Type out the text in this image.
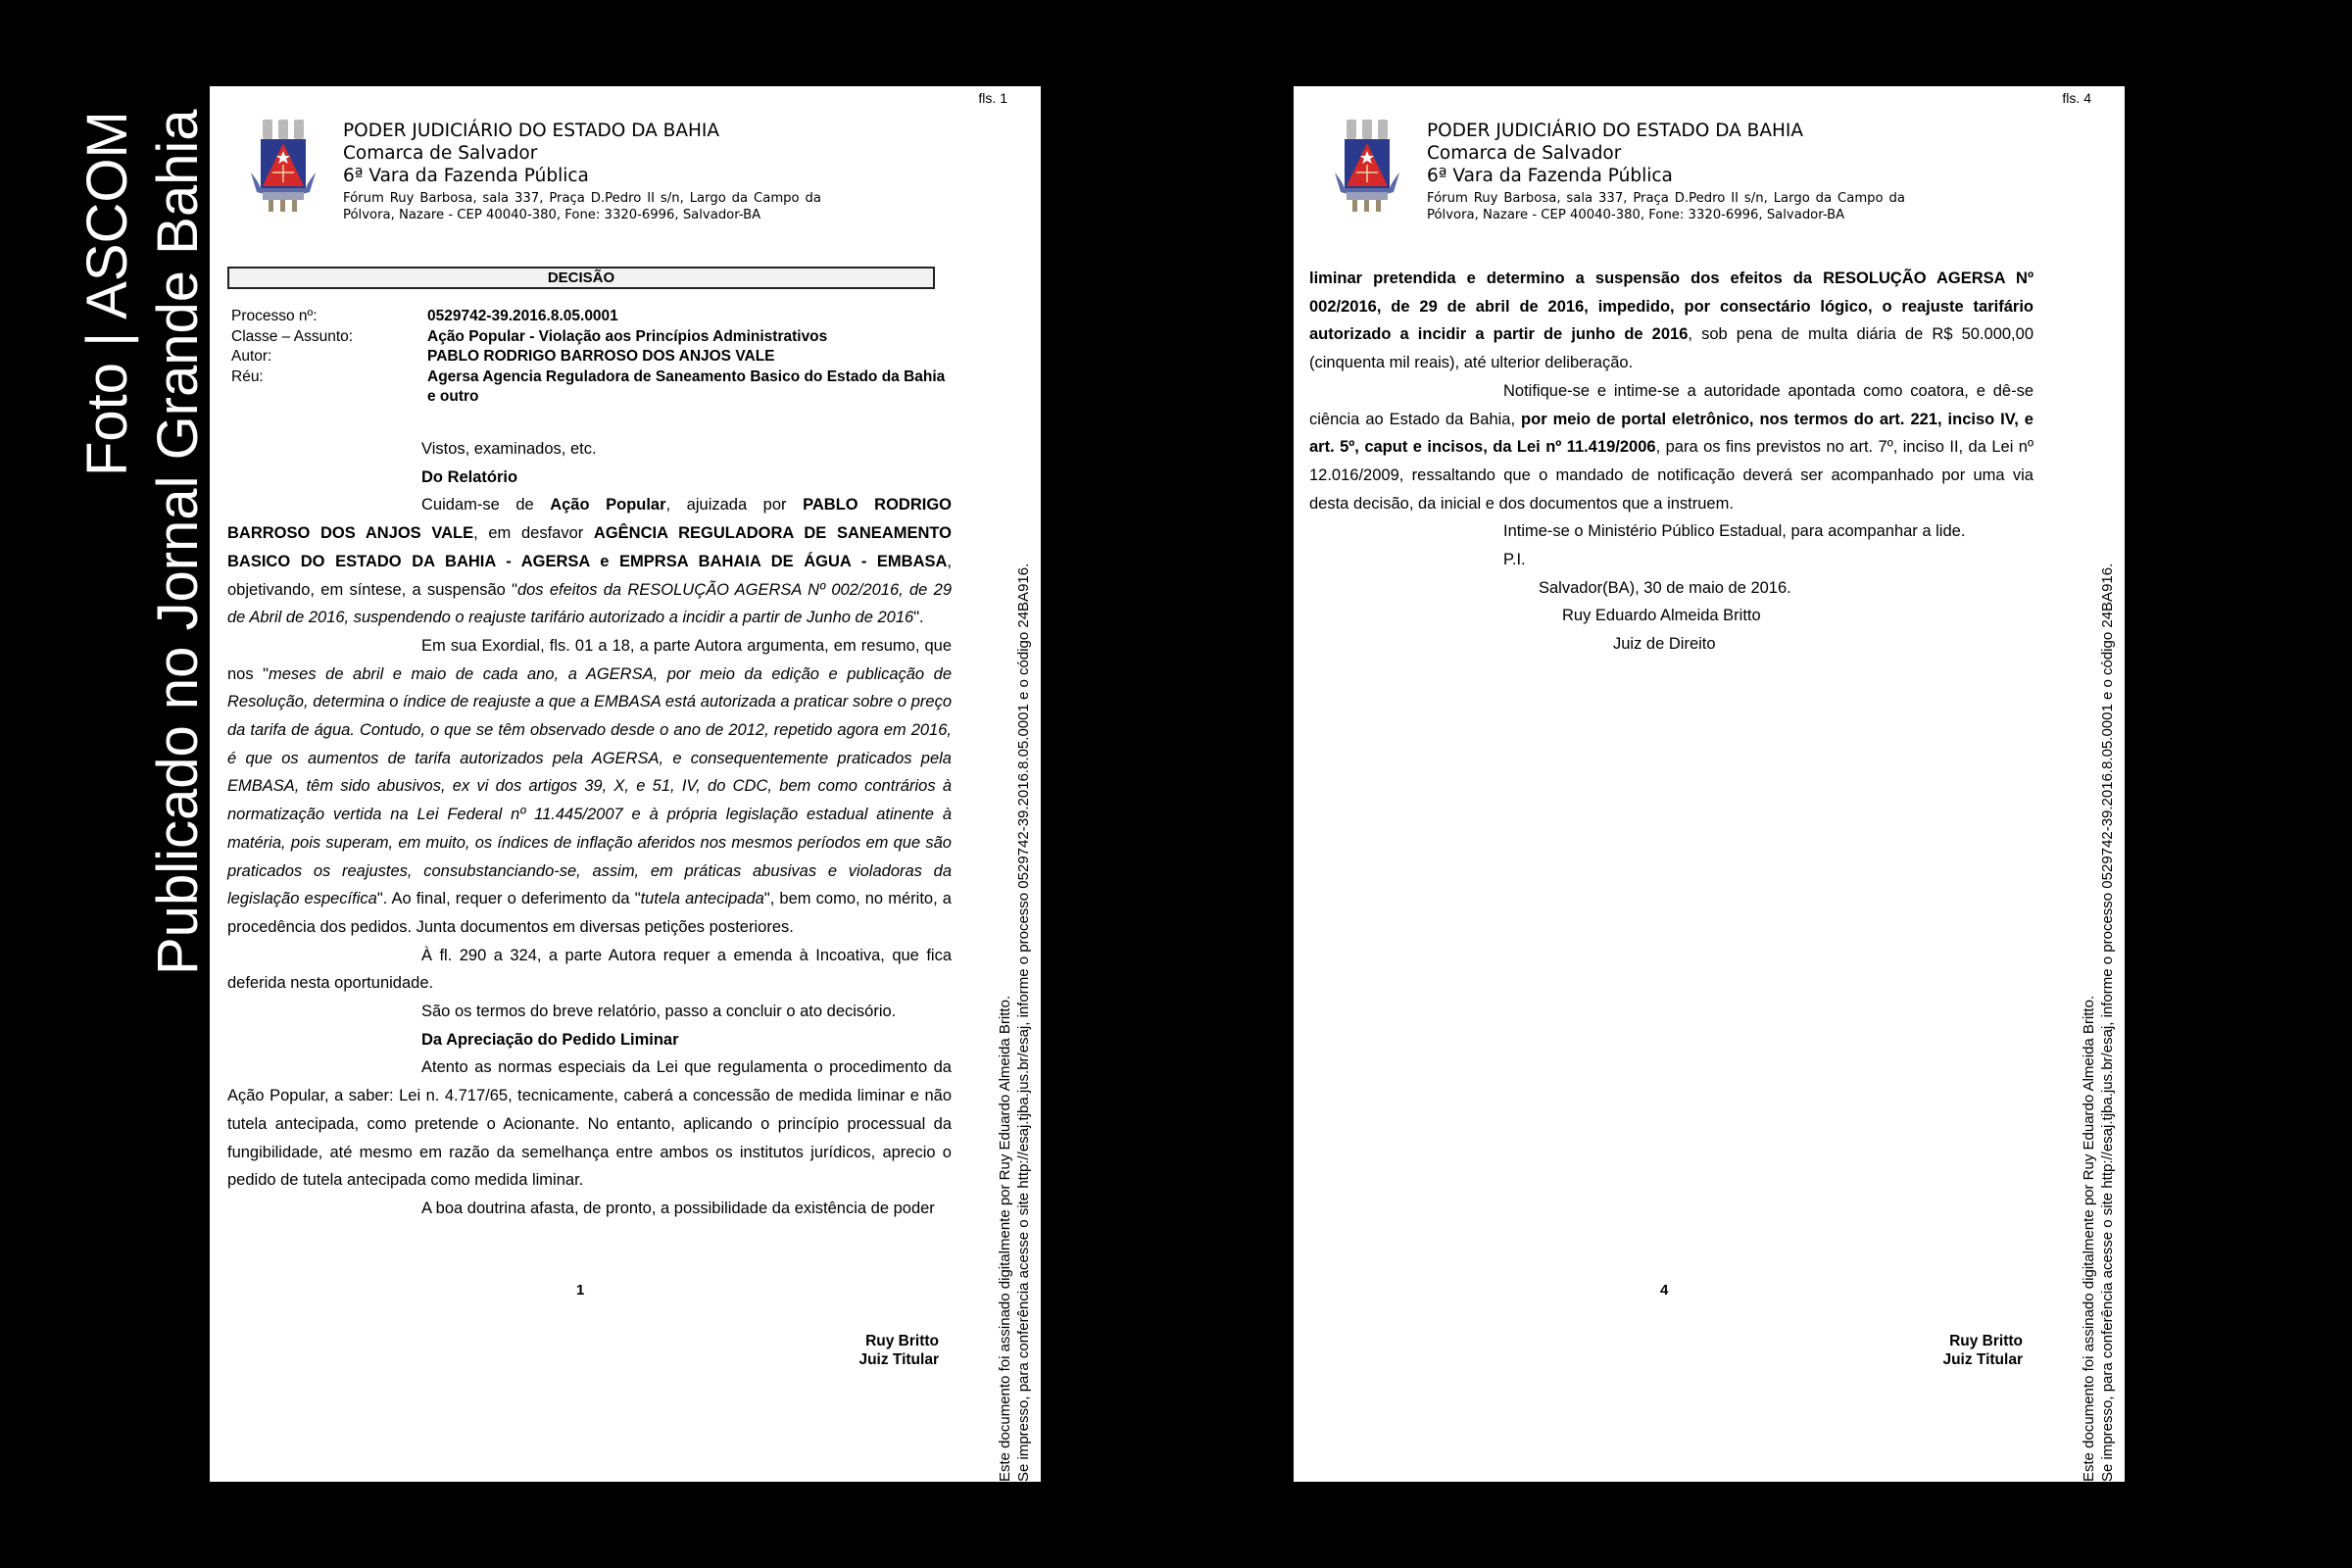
Foto | ASCOM Publicado no Jornal Grande Bahia
fls. 1
PODER JUDICIÁRIO DO ESTADO DA BAHIA
Comarca de Salvador
6ª Vara da Fazenda Pública
Fórum Ruy Barbosa, sala 337, Praça D.Pedro II s/n, Largo da Campo da Pólvora, Nazare - CEP 40040-380, Fone: 3320-6996, Salvador-BA
DECISÃO
Processo nº:	0529742-39.2016.8.05.0001
Classe – Assunto:	Ação Popular - Violação aos Princípios Administrativos
Autor:	PABLO RODRIGO BARROSO DOS ANJOS VALE
Réu:	Agersa Agencia Reguladora de Saneamento Basico do Estado da Bahia e outro

Vistos, examinados, etc.

Do Relatório

Cuidam-se de Ação Popular, ajuizada por PABLO RODRIGO BARROSO DOS ANJOS VALE, em desfavor AGÊNCIA REGULADORA DE SANEAMENTO BASICO DO ESTADO DA BAHIA - AGERSA e EMPRSA BAHAIA DE ÁGUA - EMBASA, objetivando, em síntese, a suspensão "dos efeitos da RESOLUÇÃO AGERSA Nº 002/2016, de 29 de Abril de 2016, suspendendo o reajuste tarifário autorizado a incidir a partir de Junho de 2016".

Em sua Exordial, fls. 01 a 18, a parte Autora argumenta, em resumo, que nos "meses de abril e maio de cada ano, a AGERSA, por meio da edição e publicação de Resolução, determina o índice de reajuste a que a EMBASA está autorizada a praticar sobre o preço da tarifa de água. Contudo, o que se têm observado desde o ano de 2012, repetido agora em 2016, é que os aumentos de tarifa autorizados pela AGERSA, e consequentemente praticados pela EMBASA, têm sido abusivos, ex vi dos artigos 39, X, e 51, IV, do CDC, bem como contrários à normatização vertida na Lei Federal nº 11.445/2007 e à própria legislação estadual atinente à matéria, pois superam, em muito, os índices de inflação aferidos nos mesmos períodos em que são praticados os reajustes, consubstanciando-se, assim, em práticas abusivas e violadoras da legislação específica". Ao final, requer o deferimento da "tutela antecipada", bem como, no mérito, a procedência dos pedidos. Junta documentos em diversas petições posteriores.

À fl. 290 a 324, a parte Autora requer a emenda à Incoativa, que fica deferida nesta oportunidade.

São os termos do breve relatório, passo a concluir o ato decisório.

Da Apreciação do Pedido Liminar

Atento as normas especiais da Lei que regulamenta o procedimento da Ação Popular, a saber: Lei n. 4.717/65, tecnicamente, caberá a concessão de medida liminar e não tutela antecipada, como pretende o Acionante. No entanto, aplicando o princípio processual da fungibilidade, até mesmo em razão da semelhança entre ambos os institutos jurídicos, aprecio o pedido de tutela antecipada como medida liminar.

A boa doutrina afasta, de pronto, a possibilidade da existência de poder

1
Ruy Britto
Juiz Titular	Este documento foi assinado digitalmente por Ruy Eduardo Almeida Britto. Se impresso, para conferência acesse o site http://esaj.tjba.jus.br/esaj, informe o processo 0529742-39.2016.8.05.0001 e o código 24BA916.
fls. 4
PODER JUDICIÁRIO DO ESTADO DA BAHIA
Comarca de Salvador
6ª Vara da Fazenda Pública
Fórum Ruy Barbosa, sala 337, Praça D.Pedro II s/n, Largo da Campo da Pólvora, Nazare - CEP 40040-380, Fone: 3320-6996, Salvador-BA

liminar pretendida e determino a suspensão dos efeitos da RESOLUÇÃO AGERSA Nº 002/2016, de 29 de abril de 2016, impedido, por consectário lógico, o reajuste tarifário autorizado a incidir a partir de junho de 2016, sob pena de multa diária de R$ 50.000,00 (cinquenta mil reais), até ulterior deliberação.

Notifique-se e intime-se a autoridade apontada como coatora, e dê-se ciência ao Estado da Bahia, por meio de portal eletrônico, nos termos do art. 221, inciso IV, e art. 5º, caput e incisos, da Lei nº 11.419/2006, para os fins previstos no art. 7º, inciso II, da Lei nº 12.016/2009, ressaltando que o mandado de notificação deverá ser acompanhado por uma via desta decisão, da inicial e dos documentos que a instruem.

Intime-se o Ministério Público Estadual, para acompanhar a lide.

P.I.

Salvador(BA), 30 de maio de 2016.

Ruy Eduardo Almeida Britto

Juiz de Direito

4
Ruy Britto
Juiz Titular	Este documento foi assinado digitalmente por Ruy Eduardo Almeida Britto. Se impresso, para conferência acesse o site http://esaj.tjba.jus.br/esaj, informe o processo 0529742-39.2016.8.05.0001 e o código 24BA916.
